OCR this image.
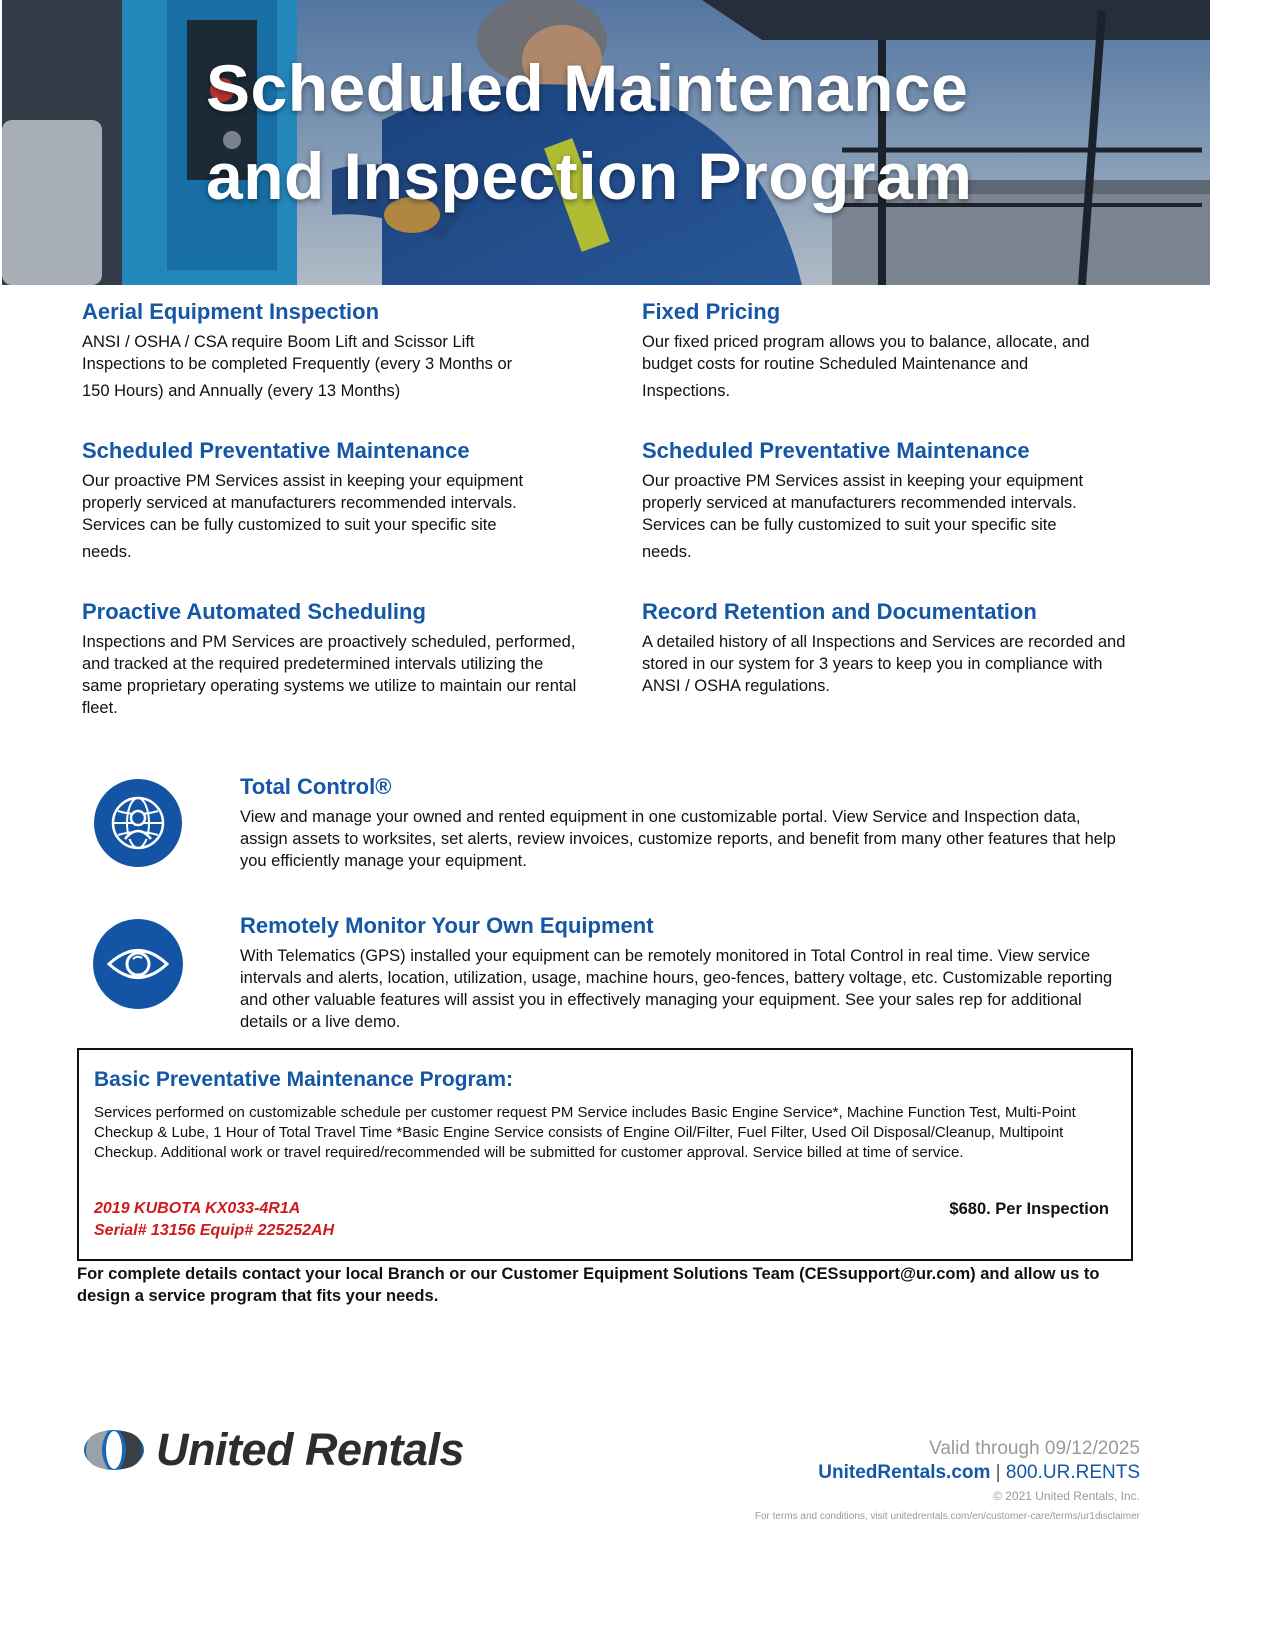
Scheduled Maintenance
and Inspection Program
Aerial Equipment Inspection

ANSI / OSHA / CSA require Boom Lift and Scissor Lift
Inspections to be completed Frequently (every 3 Months or
150 Hours) and Annually (every 13 Months)

Fixed Pricing

Our fixed priced program allows you to balance, allocate, and
budget costs for routine Scheduled Maintenance and
Inspections.

Scheduled Preventative Maintenance

Our proactive PM Services assist in keeping your equipment
properly serviced at manufacturers recommended intervals.
Services can be fully customized to suit your specific site
needs.

Scheduled Preventative Maintenance

Our proactive PM Services assist in keeping your equipment
properly serviced at manufacturers recommended intervals.
Services can be fully customized to suit your specific site
needs.

Proactive Automated Scheduling

Inspections and PM Services are proactively scheduled, performed, and tracked at the required predetermined intervals utilizing the same proprietary operating systems we utilize to maintain our rental fleet.

Record Retention and Documentation

A detailed history of all Inspections and Services are recorded and stored in our system for 3 years to keep you in compliance with ANSI / OSHA regulations.

Total Control®

View and manage your owned and rented equipment in one customizable portal. View Service and Inspection data, assign assets to worksites, set alerts, review invoices, customize reports, and benefit from many other features that help you efficiently manage your equipment.

Remotely Monitor Your Own Equipment

With Telematics (GPS) installed your equipment can be remotely monitored in Total Control in real time. View service intervals and alerts, location, utilization, usage, machine hours, geo-fences, battery voltage, etc. Customizable reporting and other valuable features will assist you in effectively managing your equipment. See your sales rep for additional details or a live demo.

Basic Preventative Maintenance Program:

Services performed on customizable schedule per customer request PM Service includes Basic Engine Service*, Machine Function Test, Multi-Point Checkup & Lube, 1 Hour of Total Travel Time *Basic Engine Service consists of Engine Oil/Filter, Fuel Filter, Used Oil Disposal/Cleanup, Multipoint Checkup. Additional work or travel required/recommended will be submitted for customer approval. Service billed at time of service.

2019 KUBOTA KX033-4R1A
Serial# 13156 Equip# 225252AH
$680. Per Inspection

For complete details contact your local Branch or our Customer Equipment Solutions Team (CESsupport@ur.com) and allow us to design a service program that fits your needs.

United Rentals	Valid through 09/12/2025
UnitedRentals.com | 800.UR.RENTS
© 2021 United Rentals, Inc.
For terms and conditions, visit unitedrentals.com/en/customer-care/terms/ur1disclaimer
